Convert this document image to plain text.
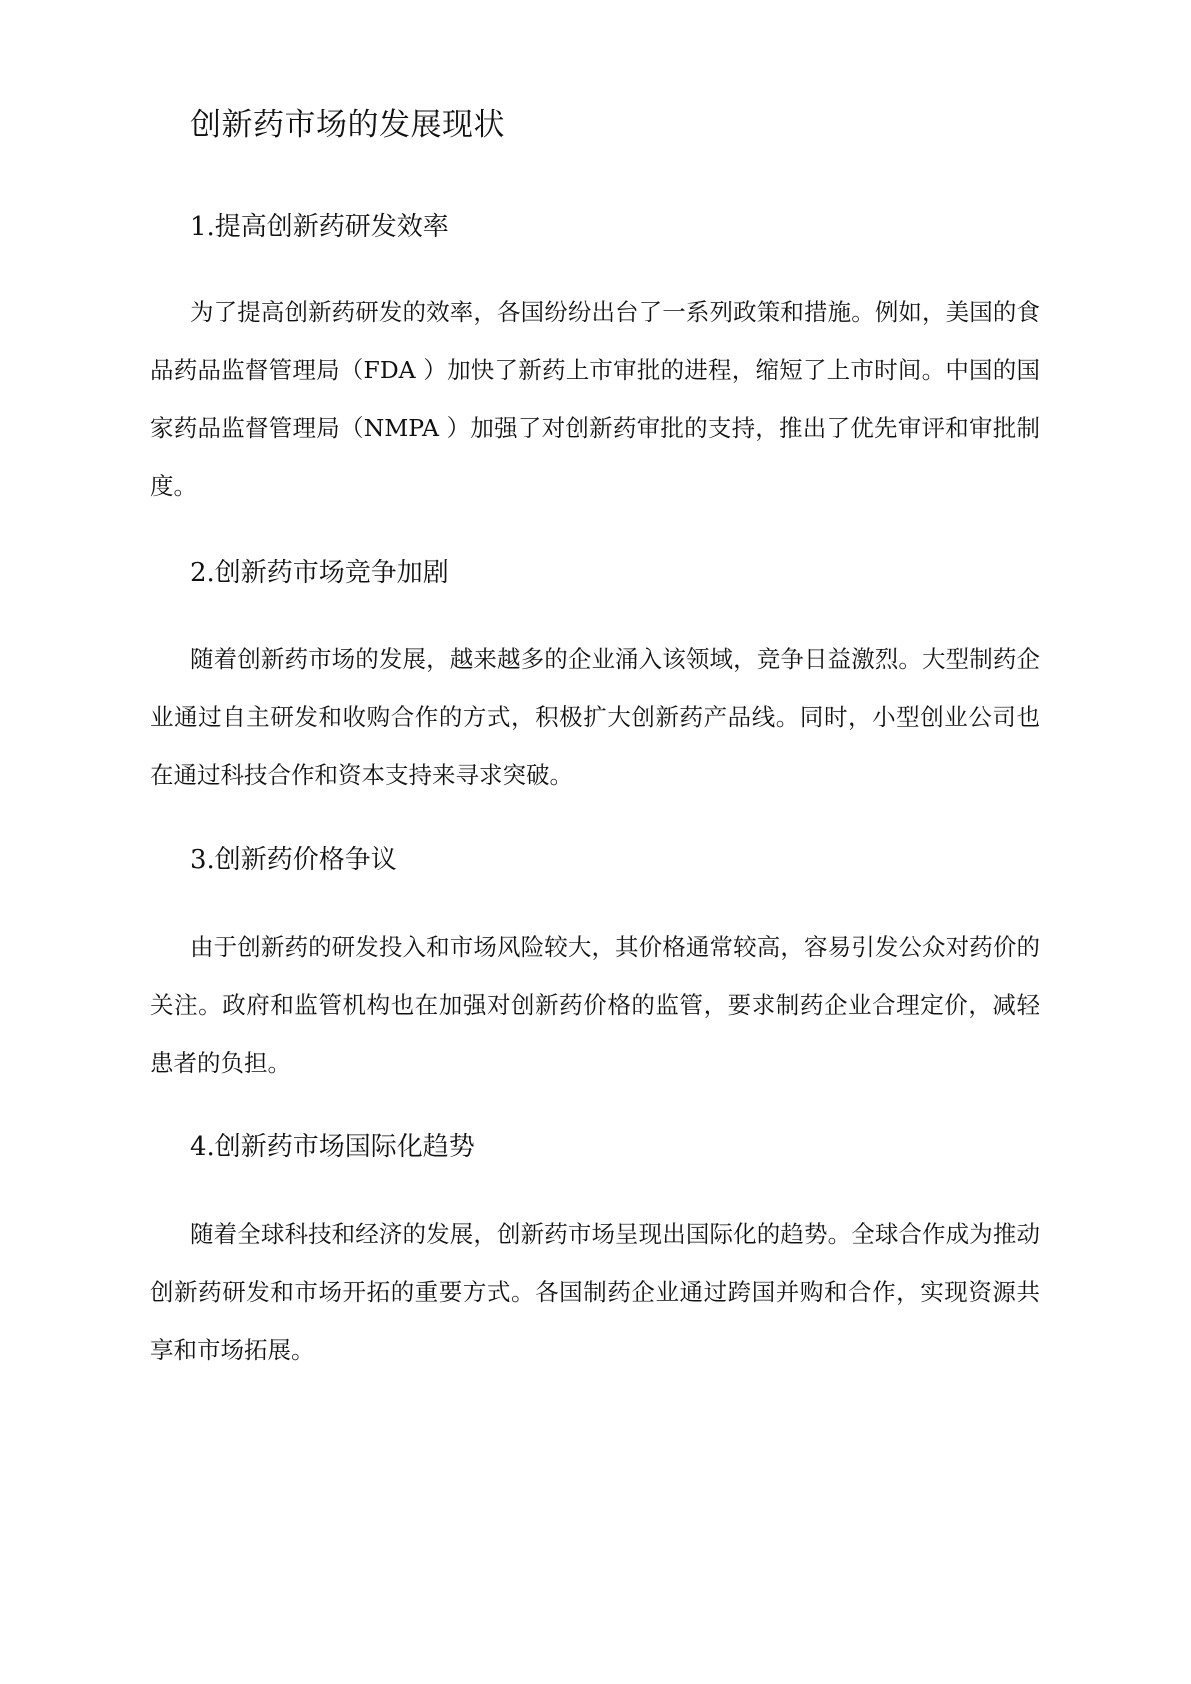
创新药市场的发展现状
1.提高创新药研发效率

为了提高创新药研发的效率，各国纷纷出台了一系列政策和措施。例如，美国的食品药品监督管理局（FDA ）加快了新药上市审批的进程，缩短了上市时间。中国的国家药品监督管理局（NMPA ）加强了对创新药审批的支持，推出了优先审评和审批制度。

2.创新药市场竞争加剧

随着创新药市场的发展，越来越多的企业涌入该领域，竞争日益激烈。大型制药企业通过自主研发和收购合作的方式，积极扩大创新药产品线。同时，小型创业公司也在通过科技合作和资本支持来寻求突破。

3.创新药价格争议

由于创新药的研发投入和市场风险较大，其价格通常较高，容易引发公众对药价的关注。政府和监管机构也在加强对创新药价格的监管，要求制药企业合理定价，减轻患者的负担。

4.创新药市场国际化趋势

随着全球科技和经济的发展，创新药市场呈现出国际化的趋势。全球合作成为推动创新药研发和市场开拓的重要方式。各国制药企业通过跨国并购和合作，实现资源共享和市场拓展。
